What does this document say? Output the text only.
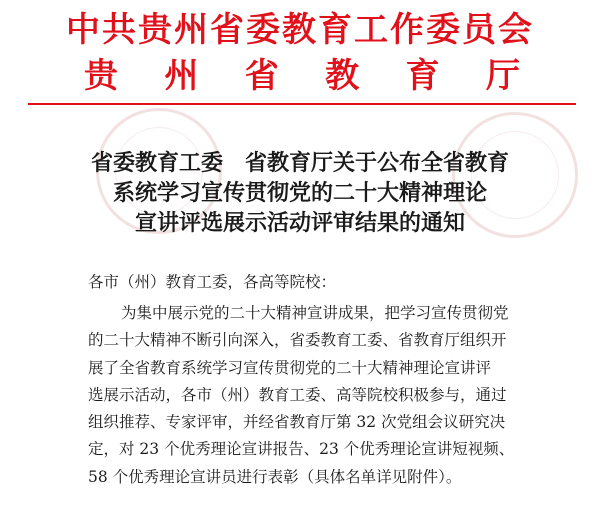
中共贵州省委教育工作委员会
贵 州 省 教 育 厅
省委教育工委　省教育厅关于公布全省教育
系统学习宣传贯彻党的二十大精神理论
宣讲评选展示活动评审结果的通知
各市（州）教育工委，各高等院校：
为集中展示党的二十大精神宣讲成果，把学习宣传贯彻党
的二十大精神不断引向深入，省委教育工委、省教育厅组织开
展了全省教育系统学习宣传贯彻党的二十大精神理论宣讲评
选展示活动，各市（州）教育工委、高等院校积极参与，通过
组织推荐、专家评审，并经省教育厅第 32 次党组会议研究决
定，对 23 个优秀理论宣讲报告、23 个优秀理论宣讲短视频、
58 个优秀理论宣讲员进行表彰（具体名单详见附件）。
